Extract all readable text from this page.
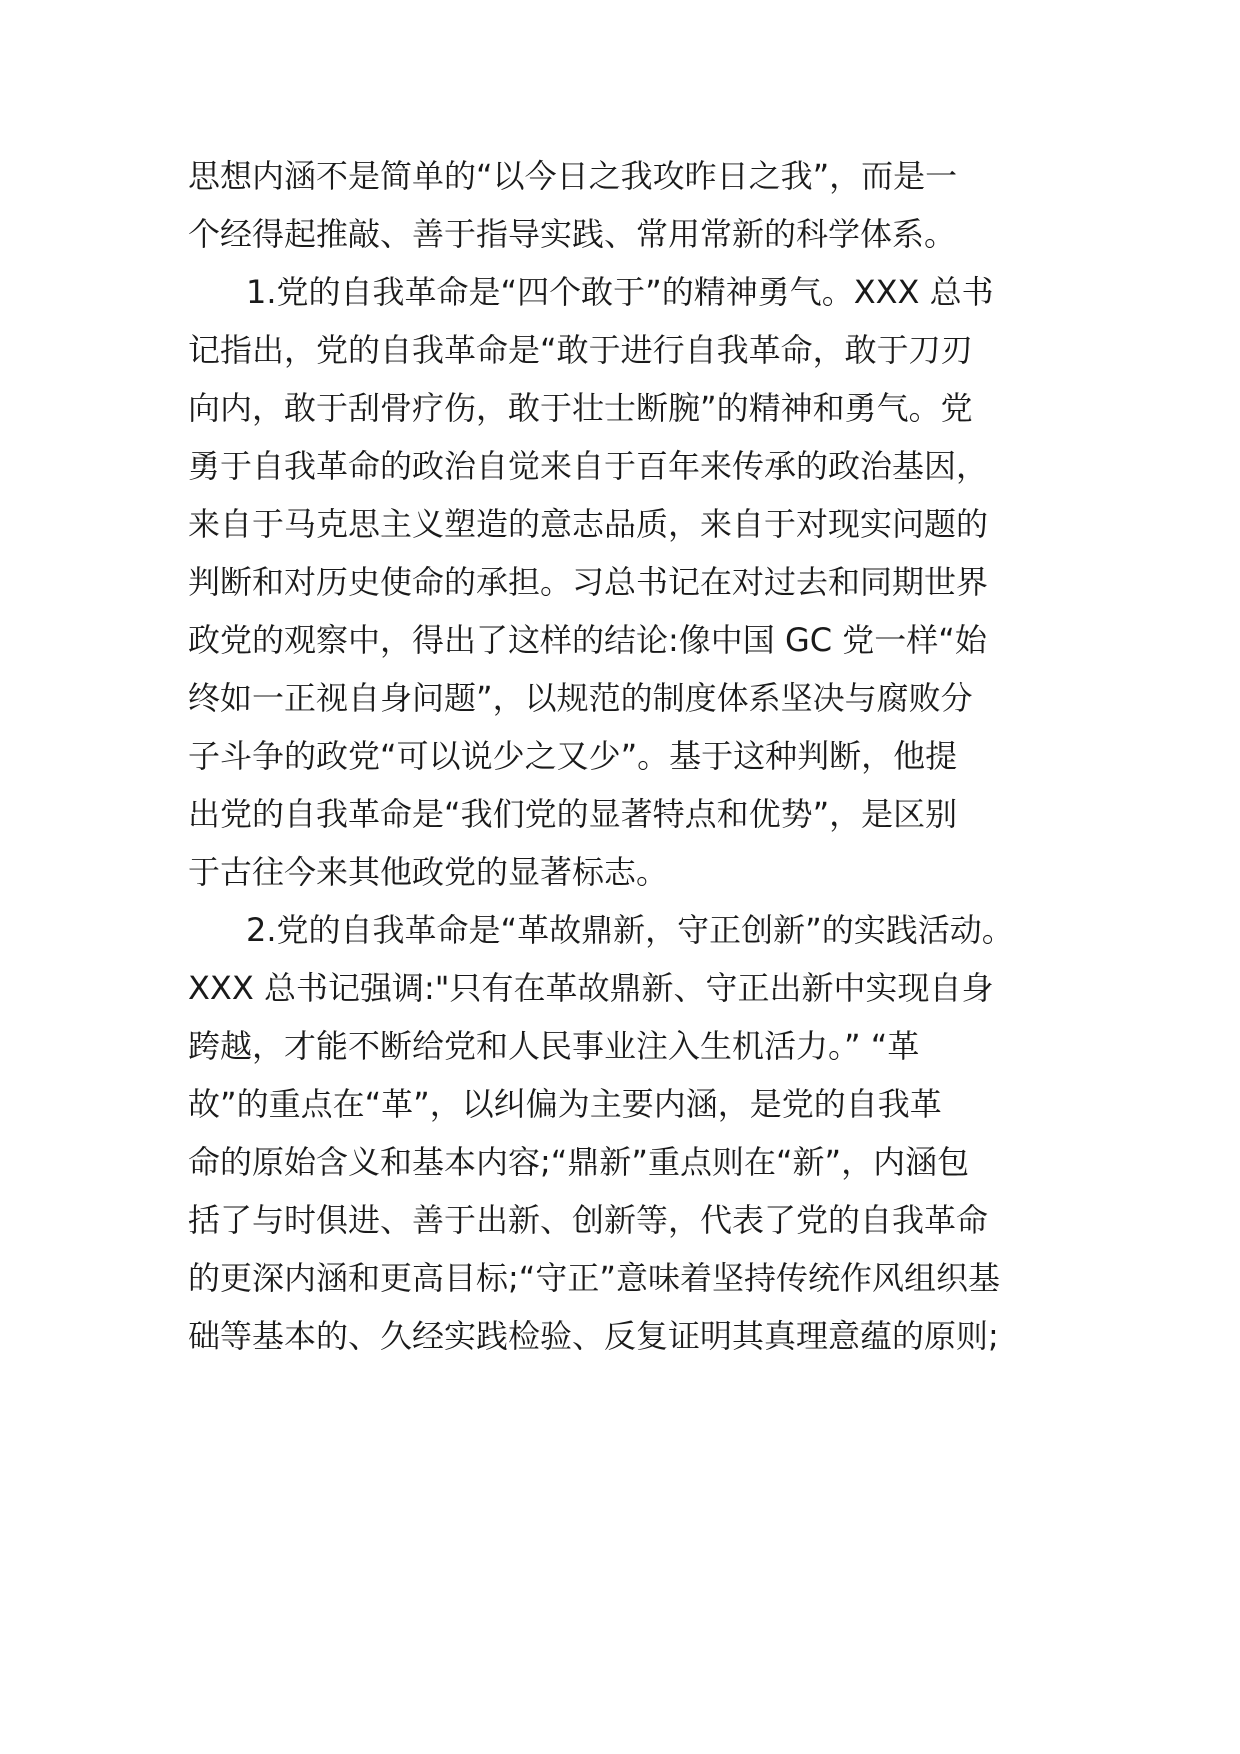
思想内涵不是简单的“以今日之我攻昨日之我”，而是一
个经得起推敲、善于指导实践、常用常新的科学体系。
1.党的自我革命是“四个敢于”的精神勇气。XXX 总书
记指出，党的自我革命是“敢于进行自我革命，敢于刀刃
向内，敢于刮骨疗伤，敢于壮士断腕”的精神和勇气。党
勇于自我革命的政治自觉来自于百年来传承的政治基因，
来自于马克思主义塑造的意志品质，来自于对现实问题的
判断和对历史使命的承担。习总书记在对过去和同期世界
政党的观察中，得出了这样的结论:像中国 GC 党一样“始
终如一正视自身问题”，以规范的制度体系坚决与腐败分
子斗争的政党“可以说少之又少”。基于这种判断，他提
出党的自我革命是“我们党的显著特点和优势”，是区别
于古往今来其他政党的显著标志。
2.党的自我革命是“革故鼎新，守正创新”的实践活动。
XXX 总书记强调:"只有在革故鼎新、守正出新中实现自身
跨越，才能不断给党和人民事业注入生机活力。” “革
故”的重点在“革”，以纠偏为主要内涵，是党的自我革
命的原始含义和基本内容;“鼎新”重点则在“新”，内涵包
括了与时俱进、善于出新、创新等，代表了党的自我革命
的更深内涵和更高目标;“守正”意味着坚持传统作风组织基
础等基本的、久经实践检验、反复证明其真理意蕴的原则;
